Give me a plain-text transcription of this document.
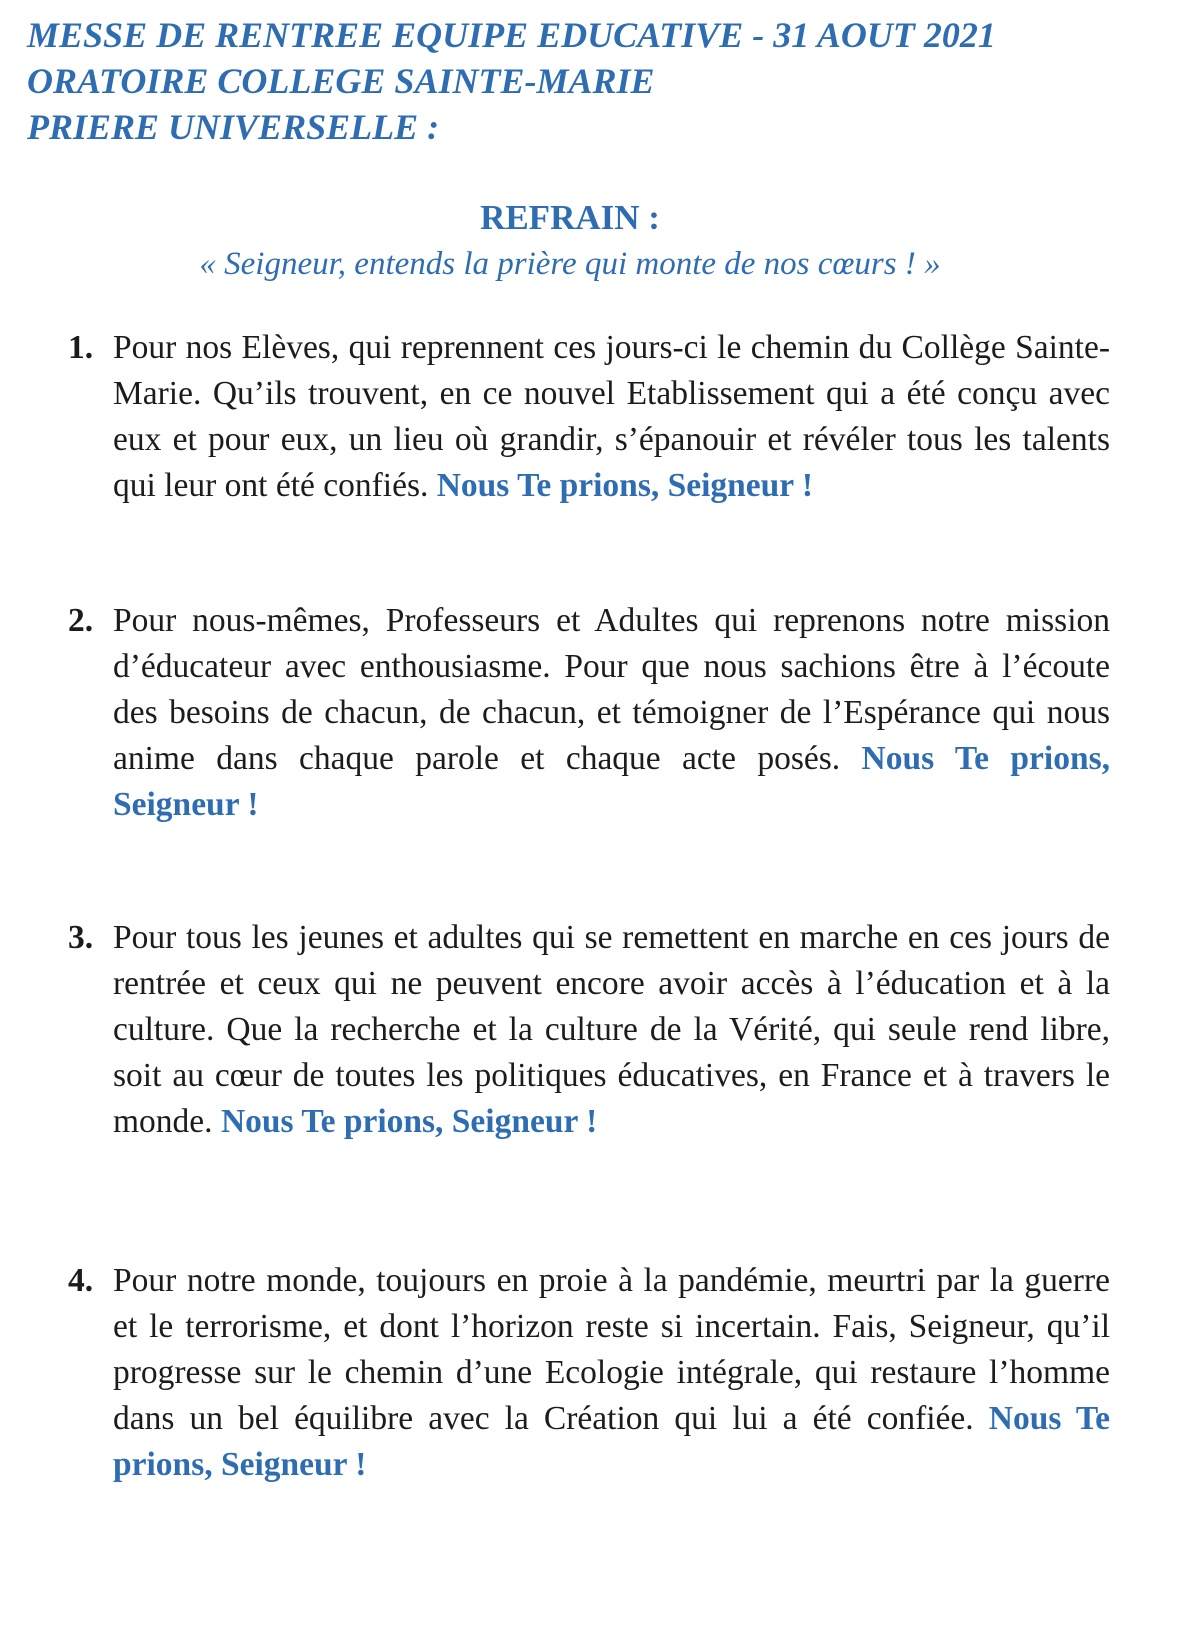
MESSE DE RENTREE EQUIPE EDUCATIVE - 31 AOUT 2021
ORATOIRE COLLEGE SAINTE-MARIE
PRIERE UNIVERSELLE :
REFRAIN :
« Seigneur, entends la prière qui monte de nos cœurs ! »
1. Pour nos Elèves, qui reprennent ces jours-ci le chemin du Collège Sainte-Marie. Qu’ils trouvent, en ce nouvel Etablissement qui a été conçu avec eux et pour eux, un lieu où grandir, s’épanouir et révéler tous les talents qui leur ont été confiés. Nous Te prions, Seigneur !
2. Pour nous-mêmes, Professeurs et Adultes qui reprenons notre mission d’éducateur avec enthousiasme. Pour que nous sachions être à l’écoute des besoins de chacun, de chacun, et témoigner de l’Espérance qui nous anime dans chaque parole et chaque acte posés. Nous Te prions, Seigneur !
3. Pour tous les jeunes et adultes qui se remettent en marche en ces jours de rentrée et ceux qui ne peuvent encore avoir accès à l’éducation et à la culture. Que la recherche et la culture de la Vérité, qui seule rend libre, soit au cœur de toutes les politiques éducatives, en France et à travers le monde. Nous Te prions, Seigneur !
4. Pour notre monde, toujours en proie à la pandémie, meurtri par la guerre et le terrorisme, et dont l’horizon reste si incertain. Fais, Seigneur, qu’il progresse sur le chemin d’une Ecologie intégrale, qui restaure l’homme dans un bel équilibre avec la Création qui lui a été confiée. Nous Te prions, Seigneur !
